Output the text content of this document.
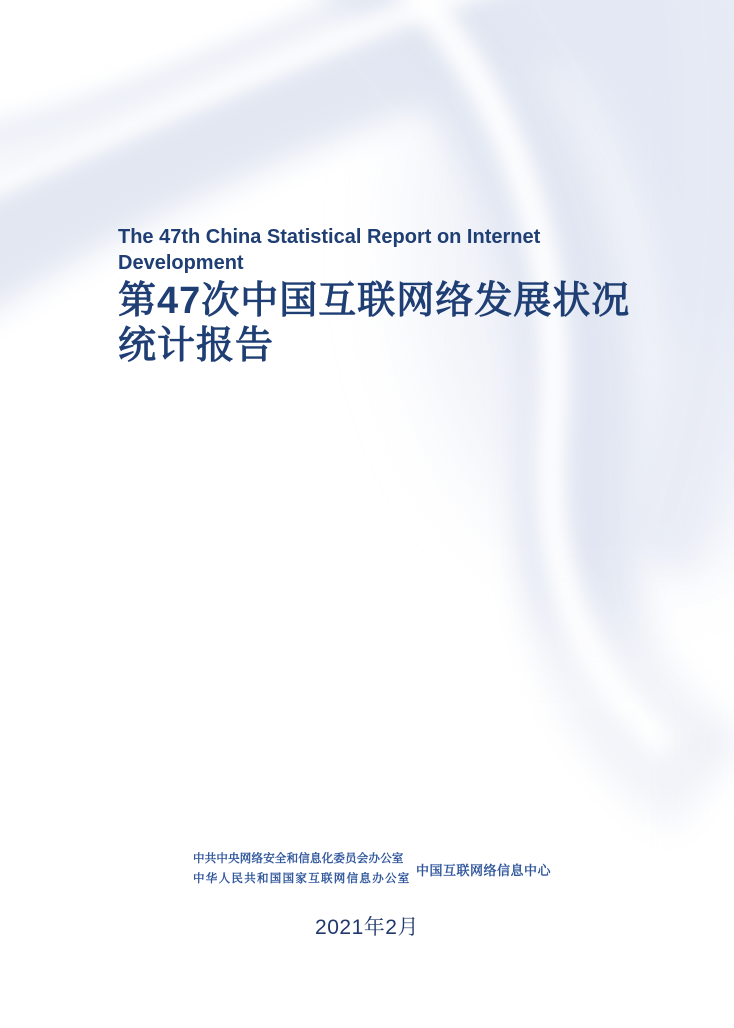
The 47th China Statistical Report on Internet Development
第47次中国互联网络发展状况
统计报告
中共中央网络安全和信息化委员会办公室
中华人民共和国国家互联网信息办公室
中国互联网络信息中心
2021年2月
